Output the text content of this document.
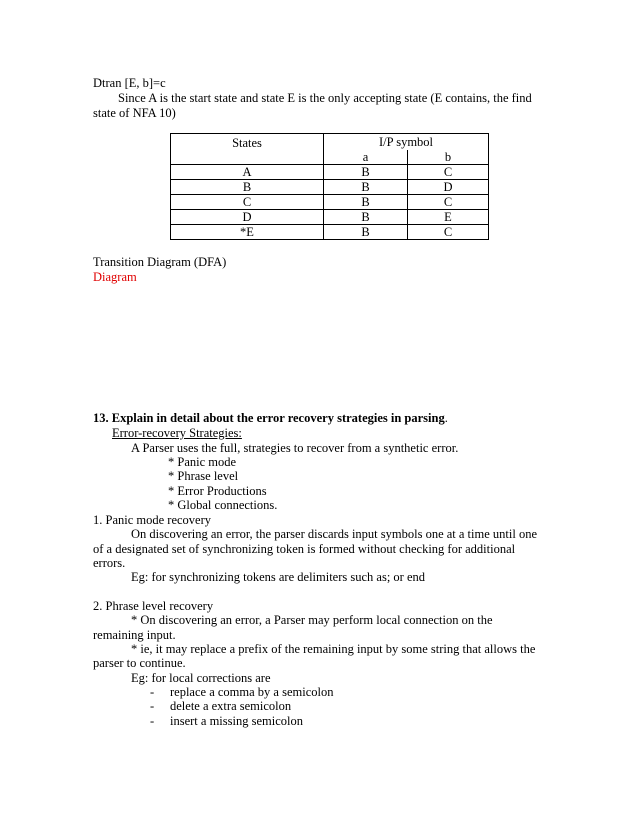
Dtran [E, b]=c
Since A is the start state and state E is the only accepting state (E contains, the find
state of NFA 10)
States	I/P symbol	
	a	b
A	B	C
B	B	D
C	B	C
D	B	E
*E	B	C
Transition Diagram (DFA)
Diagram
13. Explain in detail about the error recovery strategies in parsing.
Error-recovery Strategies:
A Parser uses the full, strategies to recover from a synthetic error.
* Panic mode
* Phrase level
* Error Productions
* Global connections.
1. Panic mode recovery
On discovering an error, the parser discards input symbols one at a time until one
of a designated set of synchronizing token is formed without checking for additional
errors.
Eg: for synchronizing tokens are delimiters such as; or end
2. Phrase level recovery
* On discovering an error, a Parser may perform local connection on the
remaining input.
* ie, it may replace a prefix of the remaining input by some string that allows the
parser to continue.
Eg: for local corrections are
- replace a comma by a semicolon
- delete a extra semicolon
- insert a missing semicolon
